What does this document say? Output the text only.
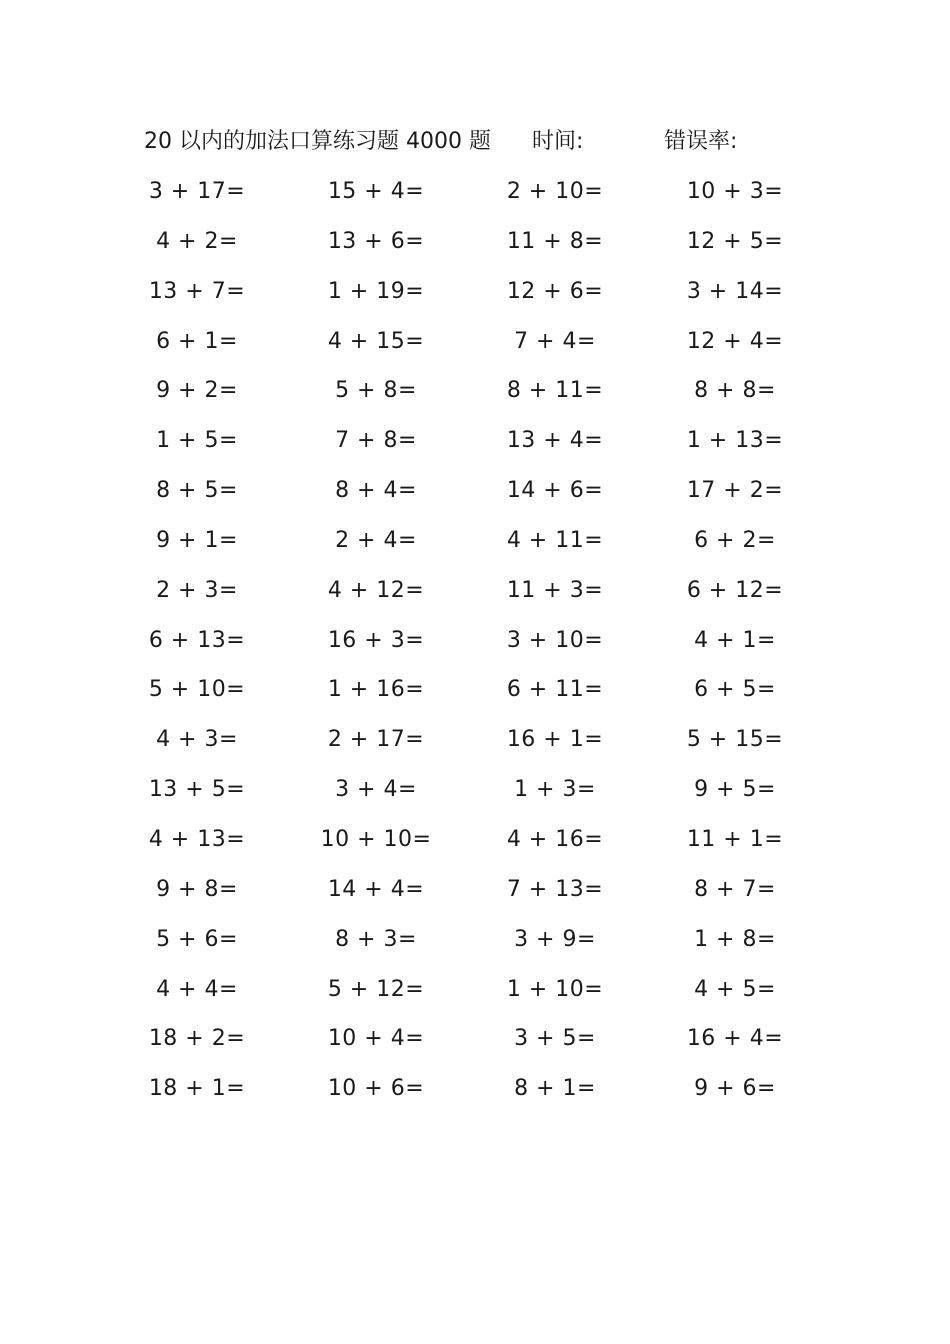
20 以内的加法口算练习题 4000 题 时间:	错误率:
3 + 17=	15 + 4=	2 + 10=	10 + 3=
4 + 2=	13 + 6=	11 + 8=	12 + 5=
13 + 7=	1 + 19=	12 + 6=	3 + 14=
6 + 1=	4 + 15=	7 + 4=	12 + 4=
9 + 2=	5 + 8=	8 + 11=	8 + 8=
1 + 5=	7 + 8=	13 + 4=	1 + 13=
8 + 5=	8 + 4=	14 + 6=	17 + 2=
9 + 1=	2 + 4=	4 + 11=	6 + 2=
2 + 3=	4 + 12=	11 + 3=	6 + 12=
6 + 13=	16 + 3=	3 + 10=	4 + 1=
5 + 10=	1 + 16=	6 + 11=	6 + 5=
4 + 3=	2 + 17=	16 + 1=	5 + 15=
13 + 5=	3 + 4=	1 + 3=	9 + 5=
4 + 13=	10 + 10=	4 + 16=	11 + 1=
9 + 8=	14 + 4=	7 + 13=	8 + 7=
5 + 6=	8 + 3=	3 + 9=	1 + 8=
4 + 4=	5 + 12=	1 + 10=	4 + 5=
18 + 2=	10 + 4=	3 + 5=	16 + 4=
18 + 1=	10 + 6=	8 + 1=	9 + 6=
